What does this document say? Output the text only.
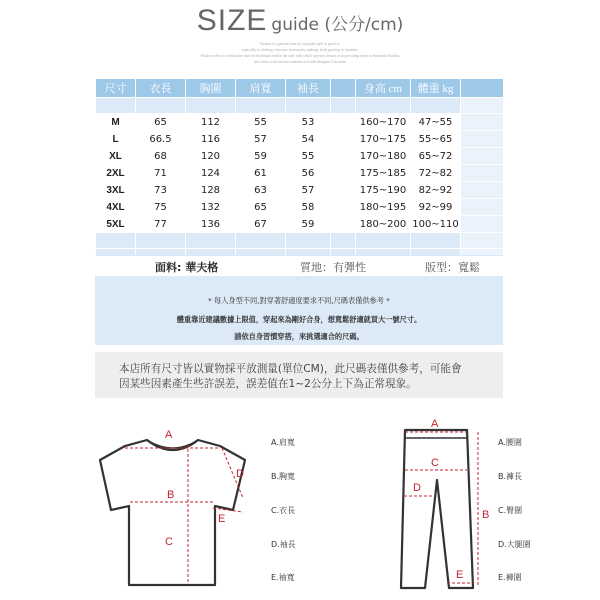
SIZE guide (公分/cm)
Fashion is a general term for a popular style or practice,
especially in clothing, footwear, accessories, makeup, body piercing or furniture.
Fashion refers to a distinctive and often habitual trend in the style with which a person dresses or to prevailing styles in behaviour.Fashion
also refers to the newest creations of textile designers.The terms
尺寸	衣長	胸圍	肩寬	袖長		身高 cm	體重 kg	

M	65	112	55	53		160~170	47~55	
L	66.5	116	57	54		170~175	55~65	
XL	68	120	59	55		170~180	65~72	
2XL	71	124	61	56		175~185	72~82	
3XL	73	128	63	57		175~190	82~92	
4XL	75	132	65	58		180~195	92~99	
5XL	77	136	67	59		180~200	100~110	

面料: 華夫格	質地：有彈性	版型：寬鬆
* 每人身型不同,對穿著舒適度要求不同,尺碼表僅供參考 *
體重靠近建議數據上限值，穿起來為剛好合身，想寬鬆舒適就買大一號尺寸。
請依自身習慣穿搭，來挑選適合的尺碼。
本店所有尺寸皆以實物採平放測量(單位CM)，此尺碼表僅供參考，可能會
因某些因素產生些許誤差，誤差值在1~2公分上下為正常現象。
A
B
C
D
E
A.肩寬
B.胸寬
C.衣長
D.袖長
E.袖寬
A
C
D
B
E
A.腰圍
B.褲長
C.臀圍
D.大腿圍
E.褲圍
